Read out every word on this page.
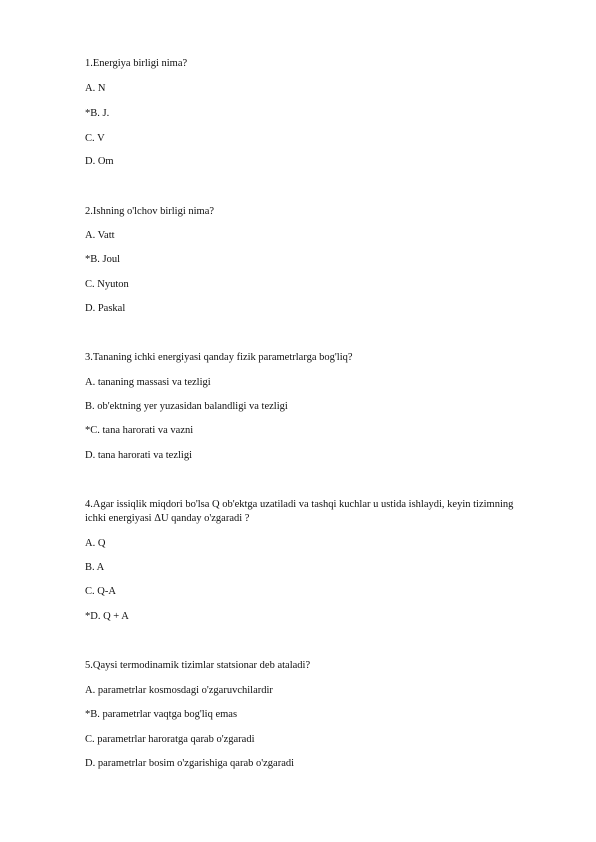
1.Energiya birligi nima?
A. N
*B. J.
C. V
D. Om
2.Ishning o'lchov birligi nima?
A. Vatt
*B. Joul
C. Nyuton
D. Paskal
3.Tananing ichki energiyasi qanday fizik parametrlarga bog'liq?
A. tananing massasi va tezligi
B. ob'ektning yer yuzasidan balandligi va tezligi
*C. tana harorati va vazni
D. tana harorati va tezligi
4.Agar issiqlik miqdori bo'lsa Q ob'ektga uzatiladi va tashqi kuchlar u ustida ishlaydi, keyin tizimning ichki energiyasi ΔU qanday o'zgaradi ?
A. Q
B. A
C. Q-A
*D. Q + A
5.Qaysi termodinamik tizimlar statsionar deb ataladi?
A. parametrlar kosmosdagi o'zgaruvchilardir
*B. parametrlar vaqtga bog'liq emas
C. parametrlar haroratga qarab o'zgaradi
D. parametrlar bosim o'zgarishiga qarab o'zgaradi
